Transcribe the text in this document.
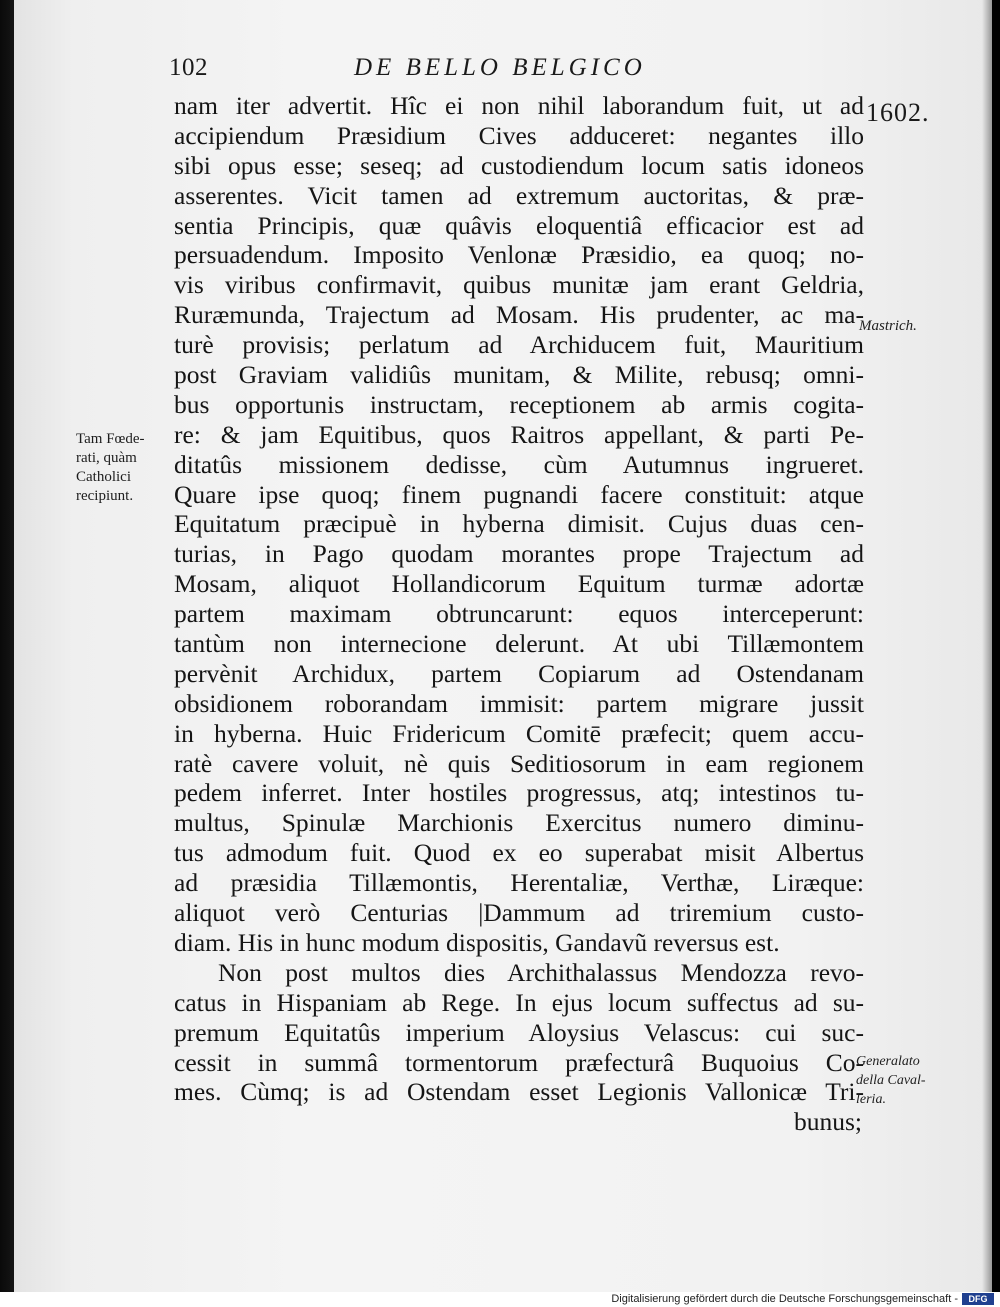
102	DE BELLO BELGICO
1602.
nam iter advertit. Hîc ei non nihil laborandum fuit, ut ad
accipiendum Præsidium Cives adduceret: negantes illo
sibi opus esse; seseq; ad custodiendum locum satis idoneos
asserentes. Vicit tamen ad extremum auctoritas, & præ-
sentia Principis, quæ quâvis eloquentiâ efficacior est ad
persuadendum. Imposito Venlonæ Præsidio, ea quoq; no-
vis viribus confirmavit, quibus munitæ jam erant Geldria,
Ruræmunda, Trajectum ad Mosam. His prudenter, ac ma-
turè provisis; perlatum ad Archiducem fuit, Mauritium
post Graviam validiûs munitam, & Milite, rebusq; omni-
bus opportunis instructam, receptionem ab armis cogita-
re: & jam Equitibus, quos Raitros appellant, & parti Pe-
ditatûs missionem dedisse, cùm Autumnus ingrueret.
Quare ipse quoq; finem pugnandi facere constituit: atque
Equitatum præcipuè in hyberna dimisit. Cujus duas cen-
turias, in Pago quodam morantes prope Trajectum ad
Mosam, aliquot Hollandicorum Equitum turmæ adortæ
partem maximam obtruncarunt: equos interceperunt:
tantùm non internecione delerunt. At ubi Tillæmontem
pervènit Archidux, partem Copiarum ad Ostendanam
obsidionem roborandam immisit: partem migrare jussit
in hyberna. Huic Fridericum Comitē præfecit; quem accu-
ratè cavere voluit, nè quis Seditiosorum in eam regionem
pedem inferret. Inter hostiles progressus, atq; intestinos tu-
multus, Spinulæ Marchionis Exercitus numero diminu-
tus admodum fuit. Quod ex eo superabat misit Albertus
ad præsidia Tillæmontis, Herentaliæ, Verthæ, Liræque:
aliquot verò Centurias |Dammum ad triremium custo-
diam. His in hunc modum dispositis, Gandavũ reversus est.
Non post multos dies Archithalassus Mendozza revo-
catus in Hispaniam ab Rege. In ejus locum suffectus ad su-
premum Equitatûs imperium Aloysius Velascus: cui suc-
cessit in summâ tormentorum præfecturâ Buquoius Co-
mes. Cùmq; is ad Ostendam esset Legionis Vallonicæ Tri-
bunus;
Tam Fœde-
rati, quàm
Catholici
recipiunt.
Mastrich.
Generalato
della Caval-
leria.
Digitalisierung gefördert durch die Deutsche Forschungsgemeinschaft -	DFG
